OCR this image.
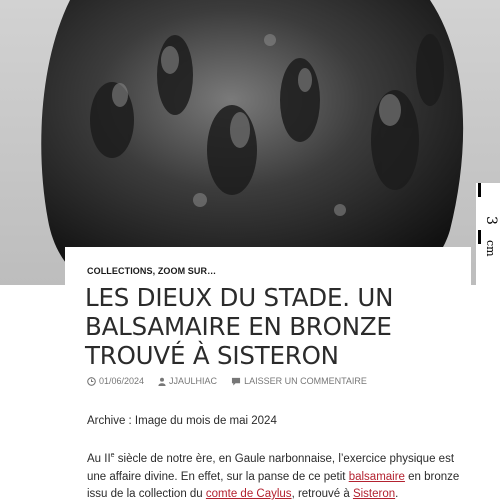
3
cm
COLLECTIONS, ZOOM SUR…
LES DIEUX DU STADE. UN BALSAMAIRE EN BRONZE TROUVÉ À SISTERON
01/06/2024	JJAULHIAC	LAISSER UN COMMENTAIRE

Archive : Image du mois de mai 2024

Au IIe siècle de notre ère, en Gaule narbonnaise, l’exercice physique est une affaire divine. En effet, sur la panse de ce petit balsamaire en bronze issu de la collection du comte de Caylus, retrouvé à Sisteron.
